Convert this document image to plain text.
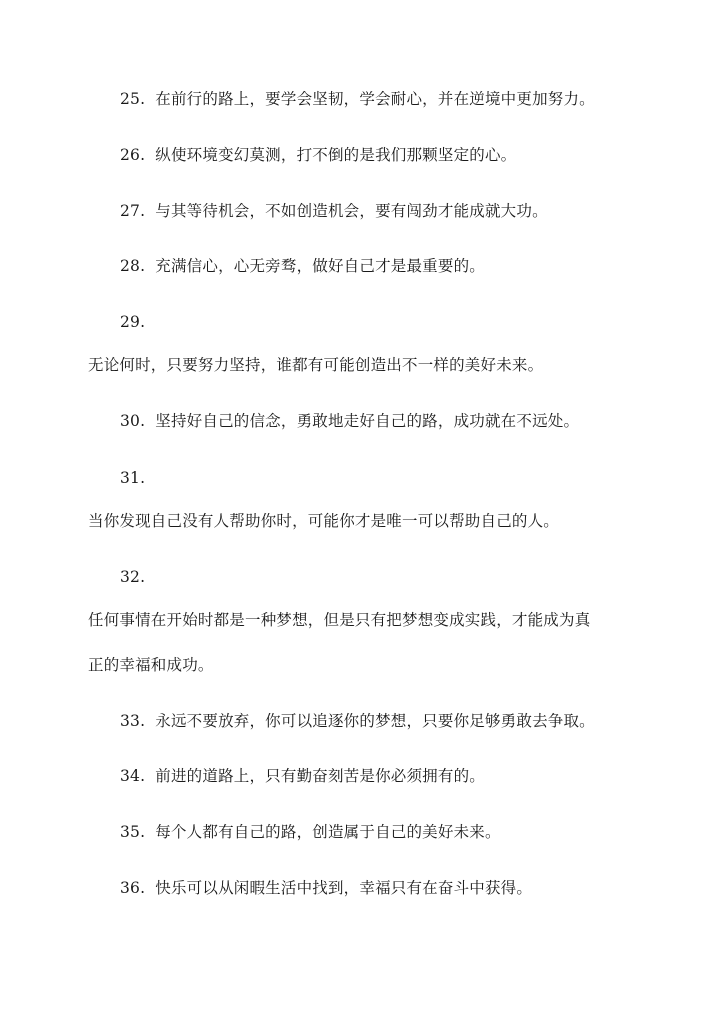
25. 在前行的路上，要学会坚韧，学会耐心，并在逆境中更加努力。
26. 纵使环境变幻莫测，打不倒的是我们那颗坚定的心。
27. 与其等待机会，不如创造机会，要有闯劲才能成就大功。
28. 充满信心，心无旁骛，做好自己才是最重要的。
29.
无论何时，只要努力坚持，谁都有可能创造出不一样的美好未来。
30. 坚持好自己的信念，勇敢地走好自己的路，成功就在不远处。
31.
当你发现自己没有人帮助你时，可能你才是唯一可以帮助自己的人。
32.
任何事情在开始时都是一种梦想，但是只有把梦想变成实践，才能成为真
正的幸福和成功。
33. 永远不要放弃，你可以追逐你的梦想，只要你足够勇敢去争取。
34. 前进的道路上，只有勤奋刻苦是你必须拥有的。
35. 每个人都有自己的路，创造属于自己的美好未来。
36. 快乐可以从闲暇生活中找到，幸福只有在奋斗中获得。
